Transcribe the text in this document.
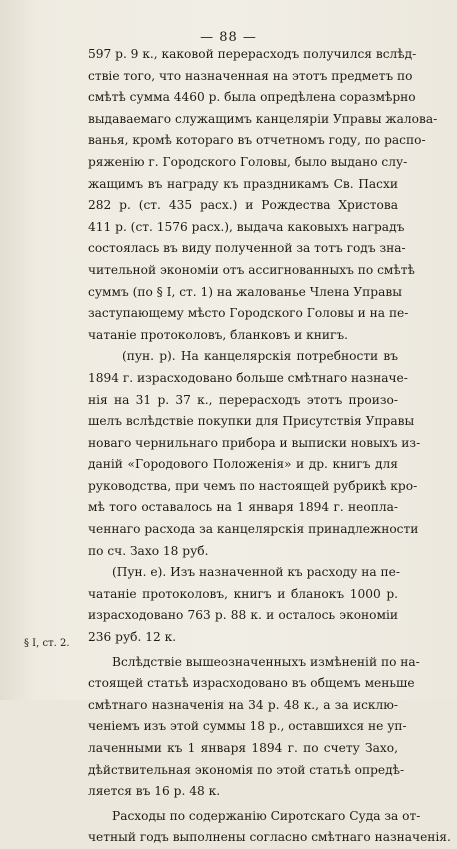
— 88 —
597 р. 9 к., каковой перерасходъ получился вслѣд-
ствіе того, что назначенная на этотъ предметъ по
смѣтѣ сумма 4460 р. была опредѣлена соразмѣрно
выдаваемаго служащимъ канцеляріи Управы жалова-
ванья, кромѣ котораго въ отчетномъ году, по распо-
ряженію г. Городского Головы, было выдано слу-
жащимъ въ награду къ праздникамъ Св. Пасхи
282 р. (ст. 435 расх.) и Рождества Христова
411 р. (ст. 1576 расх.), выдача каковыхъ наградъ
состоялась въ виду полученной за тотъ годъ зна-
чительной экономіи отъ ассигнованныхъ по смѣтѣ
суммъ (по § I, ст. 1) на жалованье Члена Управы
заступающему мѣсто Городского Головы и на пе-
чатаніе протоколовъ, бланковъ и книгъ.
(пун. р). На канцелярскія потребности въ
1894 г. израсходовано больше смѣтнаго назначе-
нія на 31 р. 37 к., перерасходъ этотъ произо-
шелъ вслѣдствіе покупки для Присутствія Управы
новаго чернильнаго прибора и выписки новыхъ из-
даній «Городового Положенія» и др. книгъ для
руководства, при чемъ по настоящей рубрикѣ кро-
мѣ того оставалось на 1 января 1894 г. неопла-
ченнаго расхода за канцелярскія принадлежности
по сч. Захо 18 руб.
(Пун. е). Изъ назначенной къ расходу на пе-
чатаніе протоколовъ, книгъ и бланокъ 1000 р.
израсходовано 763 р. 88 к. и осталось экономіи
236 руб. 12 к.
Вслѣдствіе вышеозначенныхъ измѣненій по на-
стоящей статьѣ израсходовано въ общемъ меньше
смѣтнаго назначенія на 34 р. 48 к., а за исклю-
ченіемъ изъ этой суммы 18 р., оставшихся не уп-
лаченными къ 1 января 1894 г. по счету Захо,
дѣйствительная экономія по этой статьѣ опредѣ-
ляется въ 16 р. 48 к.
Расходы по содержанію Сиротскаго Суда за от-
четный годъ выполнены согласно смѣтнаго назначенія.
§ I, ст. 2.
